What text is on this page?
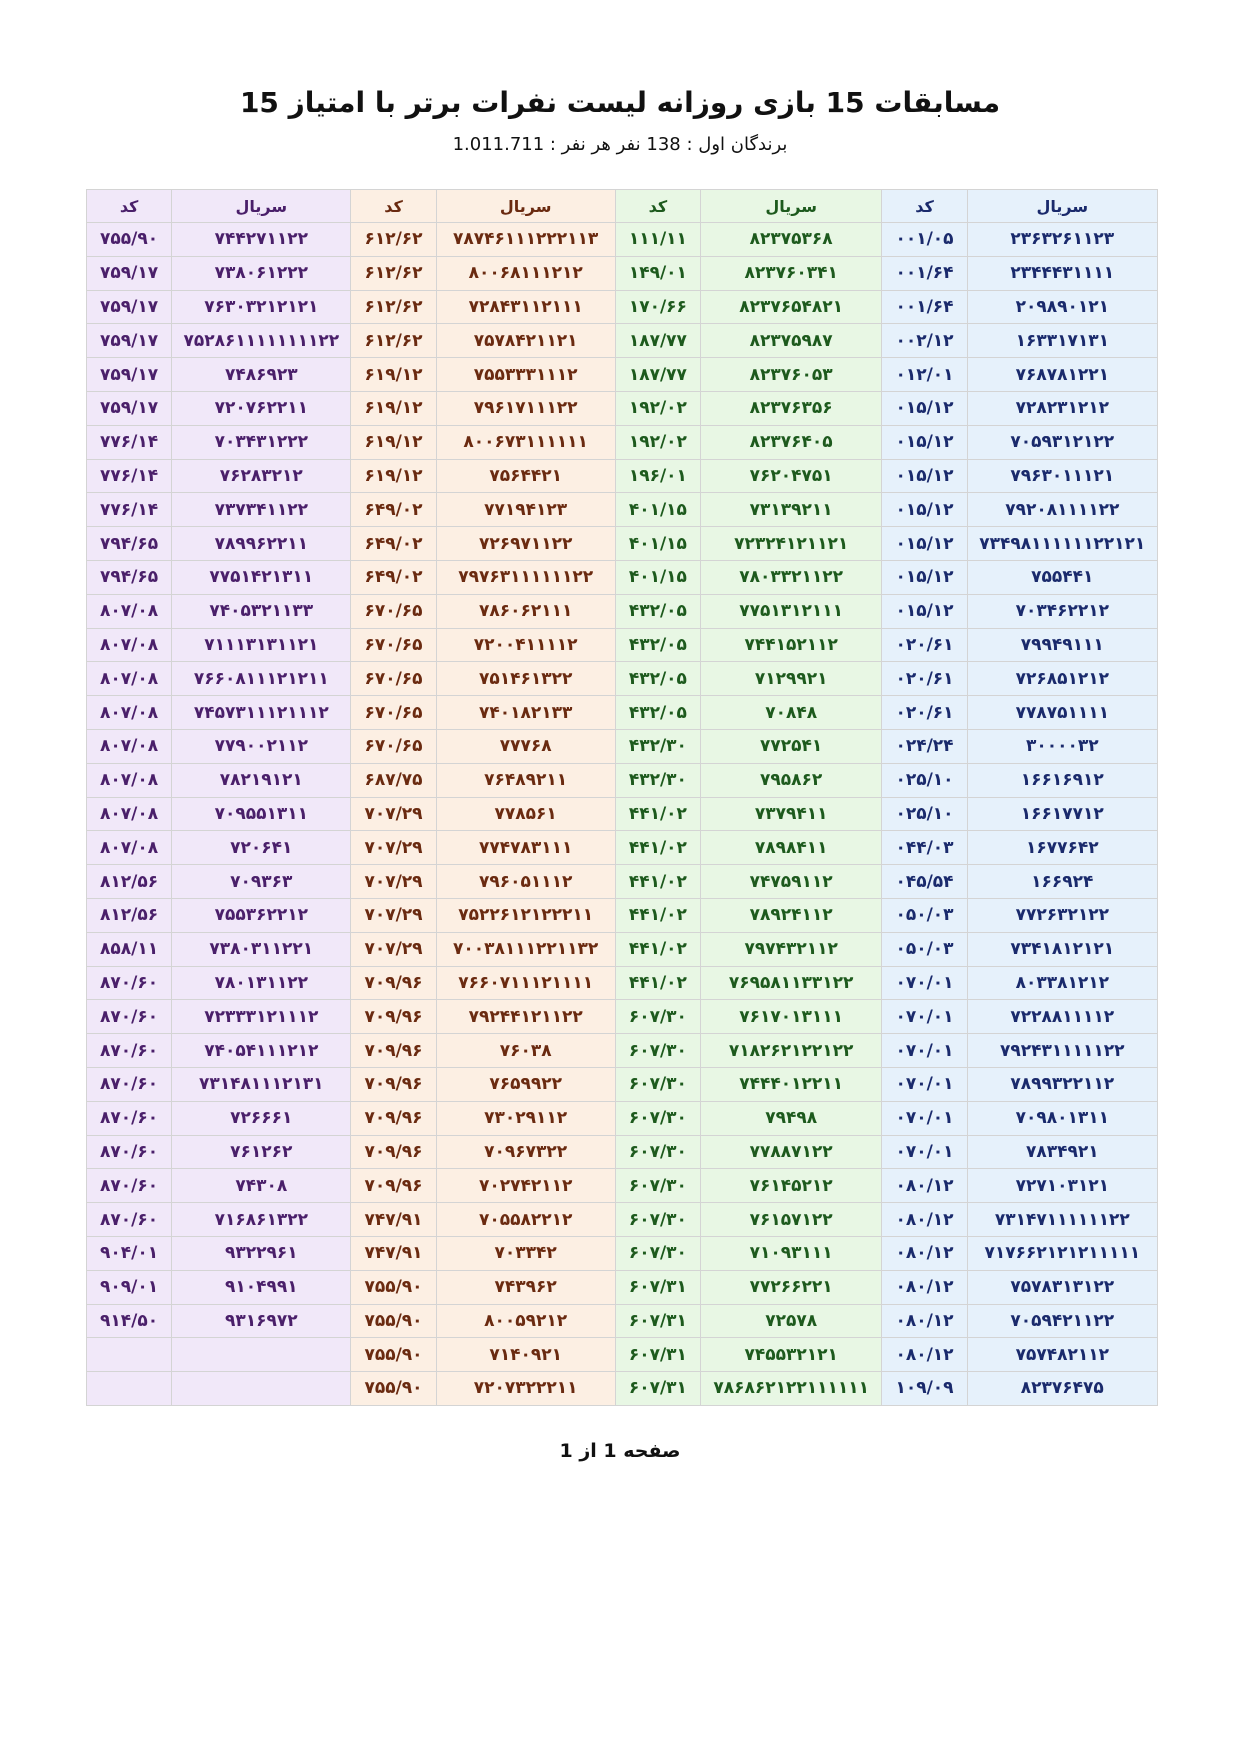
مسابقات 15 بازی روزانه لیست نفرات برتر با امتیاز 15
برندگان اول : 138 نفر هر نفر : 1.011.711
سریال	کد	سریال	کد	سریال	کد	سریال	کد
۲۳۶۳۲۶۱۱۲۳	۰۰۱/۰۵	۸۲۳۷۵۳۶۸	۱۱۱/۱۱	۷۸۷۴۶۱۱۱۲۲۲۱۱۳	۶۱۲/۶۲	۷۴۴۲۷۱۱۲۲	۷۵۵/۹۰
۲۳۴۴۴۳۱۱۱۱	۰۰۱/۶۴	۸۲۳۷۶۰۳۴۱	۱۴۹/۰۱	۸۰۰۶۸۱۱۱۲۱۲	۶۱۲/۶۲	۷۳۸۰۶۱۲۲۲	۷۵۹/۱۷
۲۰۹۸۹۰۱۲۱	۰۰۱/۶۴	۸۲۳۷۶۵۴۸۲۱	۱۷۰/۶۶	۷۲۸۴۳۱۱۲۱۱۱	۶۱۲/۶۲	۷۶۳۰۳۲۱۲۱۲۱	۷۵۹/۱۷
۱۶۳۳۱۷۱۳۱	۰۰۲/۱۲	۸۲۳۷۵۹۸۷	۱۸۷/۷۷	۷۵۷۸۴۲۱۱۲۱	۶۱۲/۶۲	۷۵۲۸۶۱۱۱۱۱۱۱۱۲۲	۷۵۹/۱۷
۷۶۸۷۸۱۲۲۱	۰۱۲/۰۱	۸۲۳۷۶۰۵۳	۱۸۷/۷۷	۷۵۵۳۳۳۱۱۱۲	۶۱۹/۱۲	۷۴۸۶۹۲۳	۷۵۹/۱۷
۷۲۸۲۳۱۲۱۲	۰۱۵/۱۲	۸۲۳۷۶۳۵۶	۱۹۲/۰۲	۷۹۶۱۷۱۱۱۲۲	۶۱۹/۱۲	۷۲۰۷۶۲۲۱۱	۷۵۹/۱۷
۷۰۵۹۳۱۲۱۲۲	۰۱۵/۱۲	۸۲۳۷۶۴۰۵	۱۹۲/۰۲	۸۰۰۶۷۳۱۱۱۱۱۱	۶۱۹/۱۲	۷۰۳۴۳۱۲۲۲	۷۷۶/۱۴
۷۹۶۳۰۱۱۱۲۱	۰۱۵/۱۲	۷۶۲۰۴۷۵۱	۱۹۶/۰۱	۷۵۶۴۴۲۱	۶۱۹/۱۲	۷۶۲۸۳۲۱۲	۷۷۶/۱۴
۷۹۲۰۸۱۱۱۱۲۲	۰۱۵/۱۲	۷۳۱۳۹۲۱۱	۴۰۱/۱۵	۷۷۱۹۴۱۲۳	۶۴۹/۰۲	۷۳۷۳۴۱۱۲۲	۷۷۶/۱۴
۷۳۴۹۸۱۱۱۱۱۱۲۲۱۲۱	۰۱۵/۱۲	۷۲۳۲۴۱۲۱۱۲۱	۴۰۱/۱۵	۷۲۶۹۷۱۱۲۲	۶۴۹/۰۲	۷۸۹۹۶۲۲۱۱	۷۹۴/۶۵
۷۵۵۴۴۱	۰۱۵/۱۲	۷۸۰۳۳۲۱۱۲۲	۴۰۱/۱۵	۷۹۷۶۳۱۱۱۱۱۱۲۲	۶۴۹/۰۲	۷۷۵۱۴۲۱۳۱۱	۷۹۴/۶۵
۷۰۳۴۶۲۲۱۲	۰۱۵/۱۲	۷۷۵۱۳۱۲۱۱۱	۴۳۲/۰۵	۷۸۶۰۶۲۱۱۱	۶۷۰/۶۵	۷۴۰۵۳۲۱۱۳۳	۸۰۷/۰۸
۷۹۹۴۹۱۱۱	۰۲۰/۶۱	۷۴۴۱۵۲۱۱۲	۴۳۲/۰۵	۷۲۰۰۴۱۱۱۱۲	۶۷۰/۶۵	۷۱۱۱۳۱۳۱۱۲۱	۸۰۷/۰۸
۷۲۶۸۵۱۲۱۲	۰۲۰/۶۱	۷۱۲۹۹۲۱	۴۳۲/۰۵	۷۵۱۴۶۱۳۲۲	۶۷۰/۶۵	۷۶۶۰۸۱۱۱۲۱۲۱۱	۸۰۷/۰۸
۷۷۸۷۵۱۱۱۱	۰۲۰/۶۱	۷۰۸۴۸	۴۳۲/۰۵	۷۴۰۱۸۲۱۳۳	۶۷۰/۶۵	۷۴۵۷۳۱۱۱۲۱۱۱۲	۸۰۷/۰۸
۳۰۰۰۰۳۲	۰۲۴/۲۴	۷۷۲۵۴۱	۴۳۲/۳۰	۷۷۷۶۸	۶۷۰/۶۵	۷۷۹۰۰۲۱۱۲	۸۰۷/۰۸
۱۶۶۱۶۹۱۲	۰۲۵/۱۰	۷۹۵۸۶۲	۴۳۲/۳۰	۷۶۴۸۹۲۱۱	۶۸۷/۷۵	۷۸۲۱۹۱۲۱	۸۰۷/۰۸
۱۶۶۱۷۷۱۲	۰۲۵/۱۰	۷۳۷۹۴۱۱	۴۴۱/۰۲	۷۷۸۵۶۱	۷۰۷/۲۹	۷۰۹۵۵۱۳۱۱	۸۰۷/۰۸
۱۶۷۷۶۴۲	۰۴۴/۰۳	۷۸۹۸۴۱۱	۴۴۱/۰۲	۷۷۴۷۸۳۱۱۱	۷۰۷/۲۹	۷۲۰۶۴۱	۸۰۷/۰۸
۱۶۶۹۲۴	۰۴۵/۵۴	۷۴۷۵۹۱۱۲	۴۴۱/۰۲	۷۹۶۰۵۱۱۱۲	۷۰۷/۲۹	۷۰۹۳۶۳	۸۱۲/۵۶
۷۷۲۶۳۲۱۲۲	۰۵۰/۰۳	۷۸۹۲۴۱۱۲	۴۴۱/۰۲	۷۵۲۲۶۱۲۱۲۲۲۱۱	۷۰۷/۲۹	۷۵۵۳۶۲۲۱۲	۸۱۲/۵۶
۷۳۴۱۸۱۲۱۲۱	۰۵۰/۰۳	۷۹۷۴۳۲۱۱۲	۴۴۱/۰۲	۷۰۰۳۸۱۱۱۲۲۱۱۳۲	۷۰۷/۲۹	۷۳۸۰۳۱۱۲۲۱	۸۵۸/۱۱
۸۰۳۳۸۱۲۱۲	۰۷۰/۰۱	۷۶۹۵۸۱۱۳۳۱۲۲	۴۴۱/۰۲	۷۶۶۰۷۱۱۱۲۱۱۱۱	۷۰۹/۹۶	۷۸۰۱۳۱۱۲۲	۸۷۰/۶۰
۷۲۲۸۸۱۱۱۱۲	۰۷۰/۰۱	۷۶۱۷۰۱۳۱۱۱	۶۰۷/۳۰	۷۹۲۴۴۱۲۱۱۲۲	۷۰۹/۹۶	۷۲۳۳۳۱۲۱۱۱۲	۸۷۰/۶۰
۷۹۲۴۳۱۱۱۱۱۲۲	۰۷۰/۰۱	۷۱۸۲۶۲۱۲۲۱۲۲	۶۰۷/۳۰	۷۶۰۳۸	۷۰۹/۹۶	۷۴۰۵۴۱۱۱۲۱۲	۸۷۰/۶۰
۷۸۹۹۳۲۲۱۱۲	۰۷۰/۰۱	۷۴۴۴۰۱۲۲۱۱	۶۰۷/۳۰	۷۶۵۹۹۲۲	۷۰۹/۹۶	۷۳۱۴۸۱۱۱۲۱۳۱	۸۷۰/۶۰
۷۰۹۸۰۱۳۱۱	۰۷۰/۰۱	۷۹۴۹۸	۶۰۷/۳۰	۷۳۰۲۹۱۱۲	۷۰۹/۹۶	۷۲۶۶۶۱	۸۷۰/۶۰
۷۸۳۴۹۲۱	۰۷۰/۰۱	۷۷۸۸۷۱۲۲	۶۰۷/۳۰	۷۰۹۶۷۳۲۲	۷۰۹/۹۶	۷۶۱۲۶۲	۸۷۰/۶۰
۷۲۷۱۰۳۱۲۱	۰۸۰/۱۲	۷۶۱۴۵۲۱۲	۶۰۷/۳۰	۷۰۲۷۴۲۱۱۲	۷۰۹/۹۶	۷۴۳۰۸	۸۷۰/۶۰
۷۳۱۴۷۱۱۱۱۱۱۲۲	۰۸۰/۱۲	۷۶۱۵۷۱۲۲	۶۰۷/۳۰	۷۰۵۵۸۲۲۱۲	۷۴۷/۹۱	۷۱۶۸۶۱۳۲۲	۸۷۰/۶۰
۷۱۷۶۶۲۱۲۱۲۱۱۱۱۱	۰۸۰/۱۲	۷۱۰۹۳۱۱۱	۶۰۷/۳۰	۷۰۳۳۴۲	۷۴۷/۹۱	۹۳۲۲۹۶۱	۹۰۴/۰۱
۷۵۷۸۳۱۳۱۲۲	۰۸۰/۱۲	۷۷۲۶۶۲۲۱	۶۰۷/۳۱	۷۴۳۹۶۲	۷۵۵/۹۰	۹۱۰۴۹۹۱	۹۰۹/۰۱
۷۰۵۹۴۲۱۱۲۲	۰۸۰/۱۲	۷۲۵۷۸	۶۰۷/۳۱	۸۰۰۵۹۲۱۲	۷۵۵/۹۰	۹۳۱۶۹۷۲	۹۱۴/۵۰
۷۵۷۴۸۲۱۱۲	۰۸۰/۱۲	۷۴۵۵۳۲۱۲۱	۶۰۷/۳۱	۷۱۴۰۹۲۱	۷۵۵/۹۰		
۸۲۳۷۶۴۷۵	۱۰۹/۰۹	۷۸۶۸۶۲۱۲۲۱۱۱۱۱۱	۶۰۷/۳۱	۷۲۰۷۳۲۲۲۱۱	۷۵۵/۹۰		
صفحه 1 از 1
